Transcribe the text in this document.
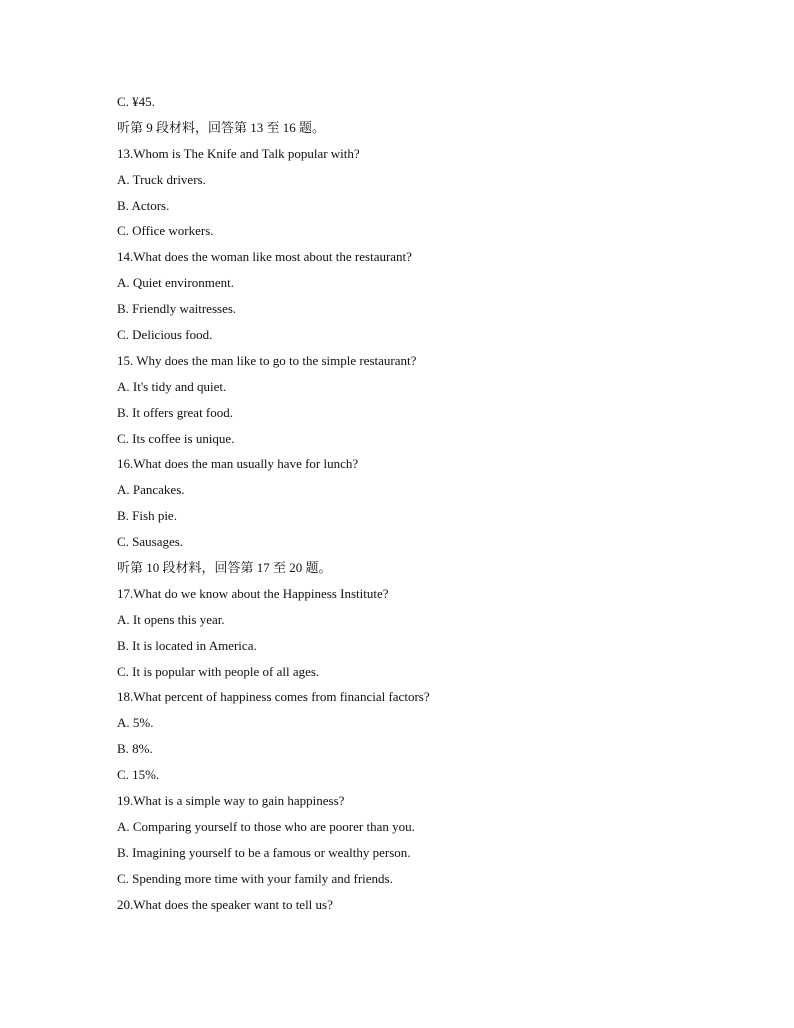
C. ¥45.
听第 9 段材料，回答第 13 至 16 题。
13.Whom is The Knife and Talk popular with?
A. Truck drivers.
B. Actors.
C. Office workers.
14.What does the woman like most about the restaurant?
A. Quiet environment.
B. Friendly waitresses.
C. Delicious food.
15. Why does the man like to go to the simple restaurant?
A. It's tidy and quiet.
B. It offers great food.
C. Its coffee is unique.
16.What does the man usually have for lunch?
A. Pancakes.
B. Fish pie.
C. Sausages.
听第 10 段材料，回答第 17 至 20 题。
17.What do we know about the Happiness Institute?
A. It opens this year.
B. It is located in America.
C. It is popular with people of all ages.
18.What percent of happiness comes from financial factors?
A. 5%.
B. 8%.
C. 15%.
19.What is a simple way to gain happiness?
A. Comparing yourself to those who are poorer than you.
B. Imagining yourself to be a famous or wealthy person.
C. Spending more time with your family and friends.
20.What does the speaker want to tell us?
